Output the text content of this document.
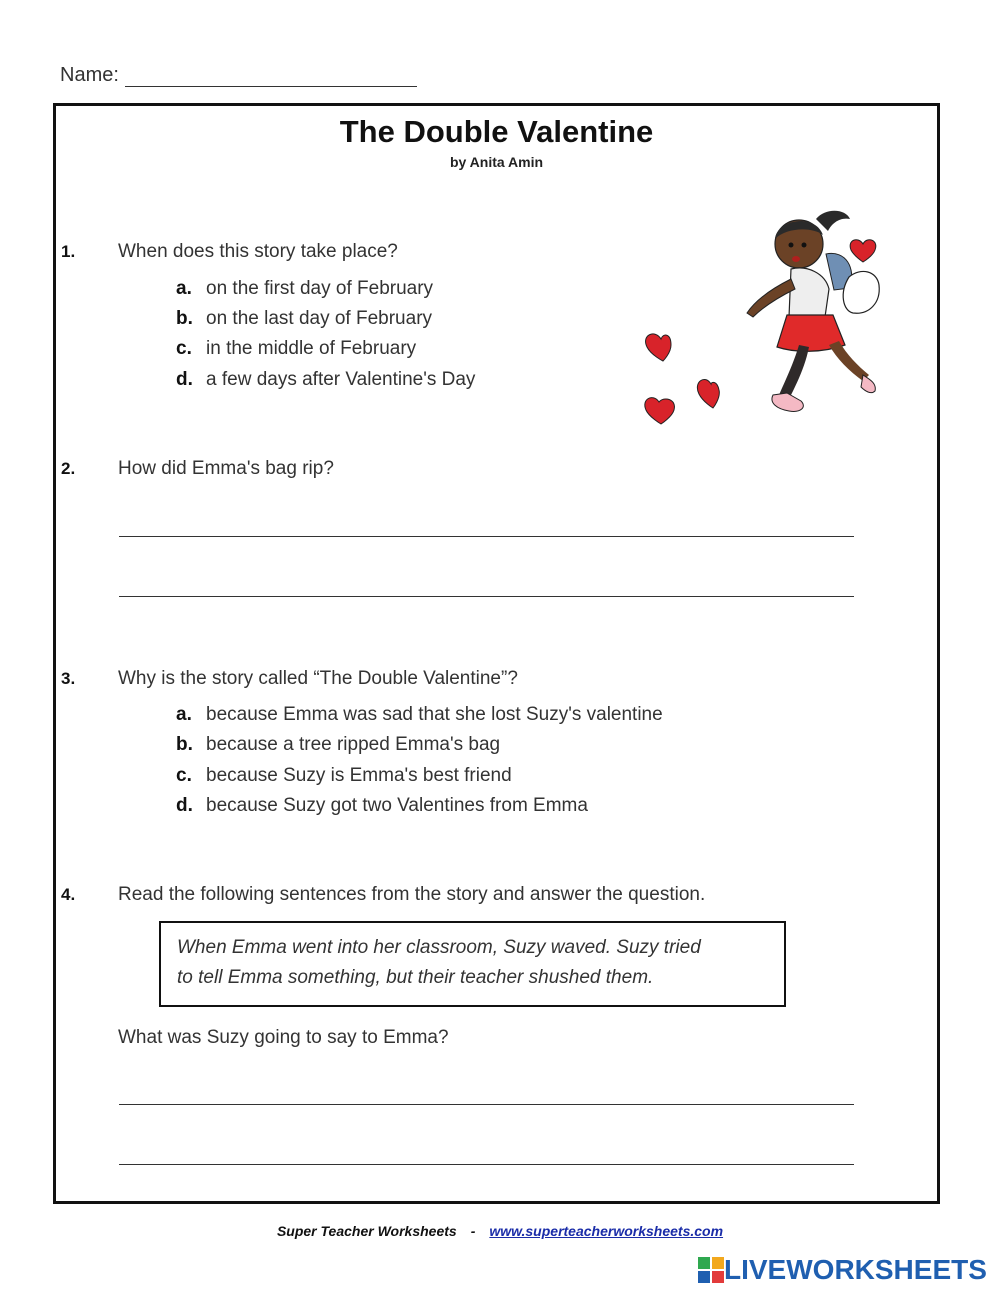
Name:
The Double Valentine
by Anita Amin
1. When does this story take place?
a. on the first day of February
b. on the last day of February
c. in the middle of February
d. a few days after Valentine's Day
2. How did Emma's bag rip?
3. Why is the story called “The Double Valentine”?
a. because Emma was sad that she lost Suzy's valentine
b. because a tree ripped Emma's bag
c. because Suzy is Emma's best friend
d. because Suzy got two Valentines from Emma
4. Read the following sentences from the story and answer the question.
When Emma went into her classroom, Suzy waved. Suzy tried
to tell Emma something, but their teacher shushed them.
What was Suzy going to say to Emma?
Super Teacher Worksheets - www.superteacherworksheets.com
LIVEWORKSHEETS
